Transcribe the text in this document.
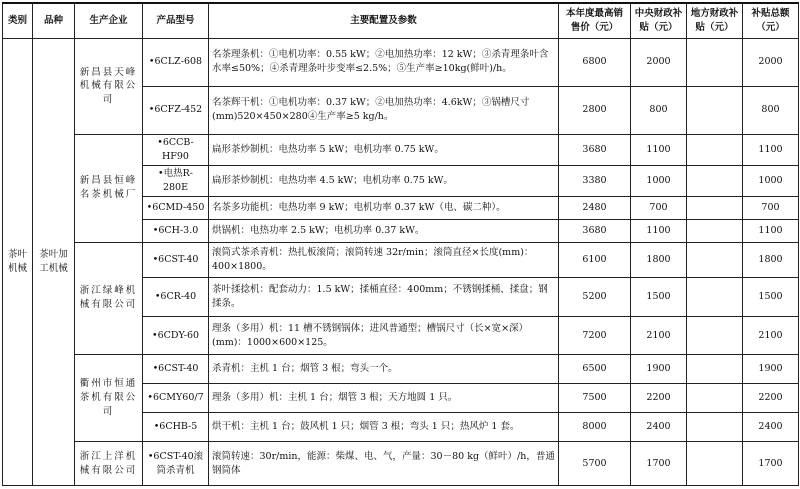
类别	品种	生产企业	产品型号	主要配置及参数	本年度最高销售价（元）	中央财政补贴（元）	地方财政补贴（元）	补贴总额（元）
茶叶机械	茶叶加工机械	新昌县天峰机械有限公司	•6CLZ-608	名茶理条机：①电机功率：0.55 kW；②电加热功率：12 kW；③杀青理条叶含水率≤50%；④杀青理条叶步变率≤2.5%；⑤生产率≥10kg(鲜叶)/h。	6800	2000		2000
			•6CFZ-452	名茶辉干机：①电机功率：0.37 kW；②电加热功率：4.6kW；③锅槽尺寸(mm)520×450×280④生产率≥5 kg/h。	2800	800		800
		新昌县恒峰名茶机械厂	•6CCB-HF90	扁形茶炒制机：电热功率 5 kW；电机功率 0.75 kW。	3680	1100		1100
			•电热R-280E	扁形茶炒制机：电热功率 4.5 kW；电机功率 0.75 kW。	3380	1000		1000
			•6CMD-450	名茶多功能机：电热功率 9 kW；电机功率 0.37 kW（电、碳二种）。	2480	700		700
			•6CH-3.0	烘锅机：电热功率 2.5 kW；电机功率 0.37 kW。	3680	1100		1100
		浙江绿峰机械有限公司	•6CST-40	滚筒式茶杀青机：热扎板滚筒；滚筒转速 32r/min；滚筒直径×长度(mm)：400×1800。	6100	1800		1800
			•6CR-40	茶叶揉捻机：配套动力：1.5 kW；揉桶直径：400mm；不锈钢揉桶、揉盘；钢揉条。	5200	1500		1500
			•6CDY-60	理条（多用）机：11 槽不锈钢锅体；进风普通型；槽锅尺寸（长×宽×深）(mm)：1000×600×125。	7200	2100		2100
		衢州市恒通茶机有限公司	•6CST-40	杀青机：主机 1 台；烟管 3 根；弯头一个。	6500	1900		1900
			•6CMY60/7	理条（多用）机：主机 1 台；烟管 3 根；天方地圆 1 只。	7500	2200		2200
			•6CHB-5	烘干机：主机 1 台；鼓风机 1 只；烟管 3 根；弯头 1 只；热风炉 1 套。	8000	2400		2400
		浙江上洋机械有限公司	•6CST-40滚筒杀青机	滚筒转速：30r/min，能源：柴煤、电、气，产量：30－80 kg（鲜叶）/h，普通钢筒体	5700	1700		1700
